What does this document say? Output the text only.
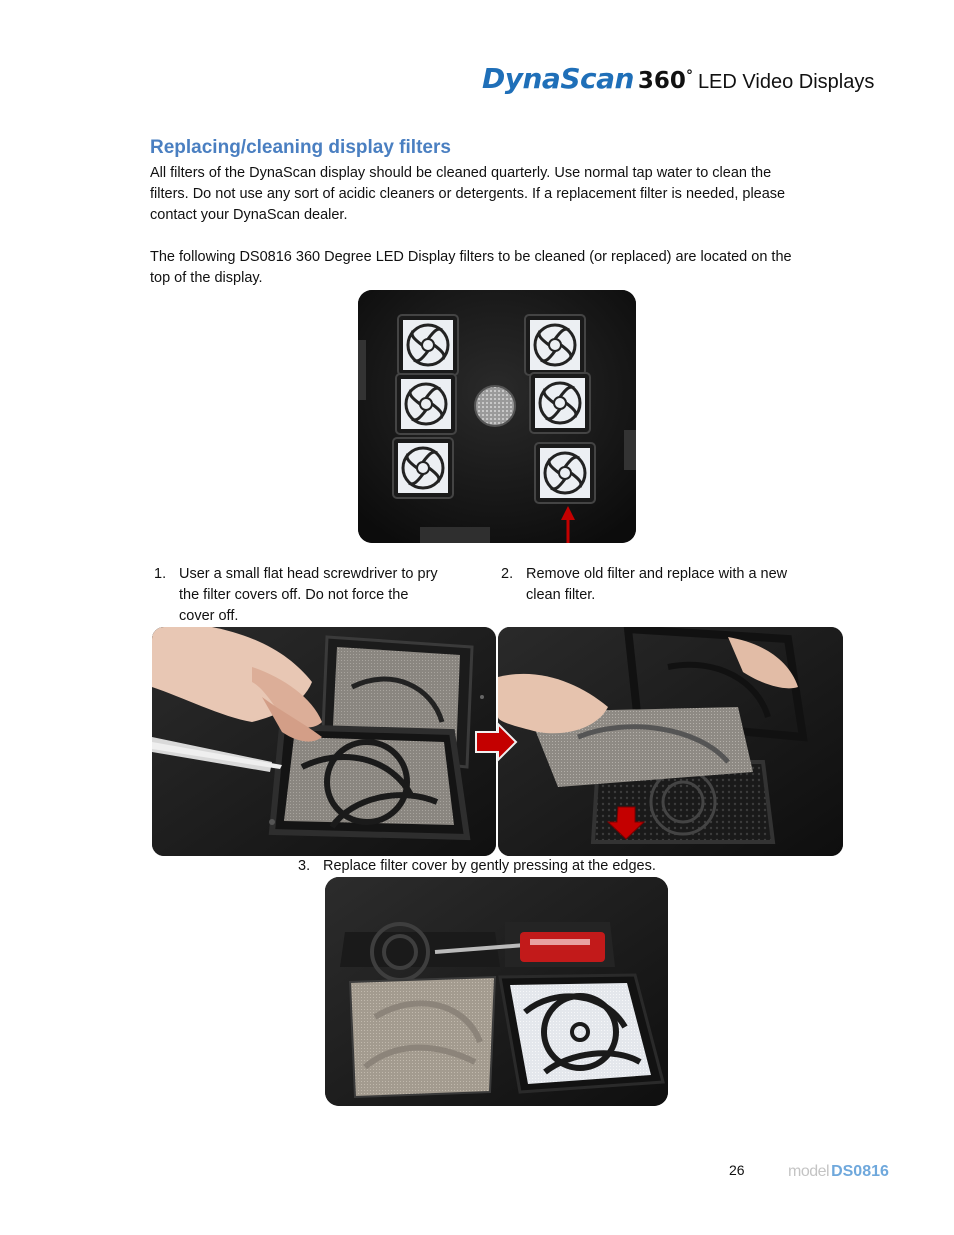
DynaScan 360° LED Video Displays
Replacing/cleaning display filters
All filters of the DynaScan display should be cleaned quarterly. Use normal tap water to clean the
filters. Do not use any sort of acidic cleaners or detergents. If a replacement filter is needed, please
contact your DynaScan dealer.
The following DS0816 360 Degree LED Display filters to be cleaned (or replaced) are located on the
top of the display.
1. User a small flat head screwdriver to pry
the filter covers off. Do not force the
cover off.
2. Remove old filter and replace with a new
clean filter.
3. Replace filter cover by gently pressing at the edges.
26	model DS0816
